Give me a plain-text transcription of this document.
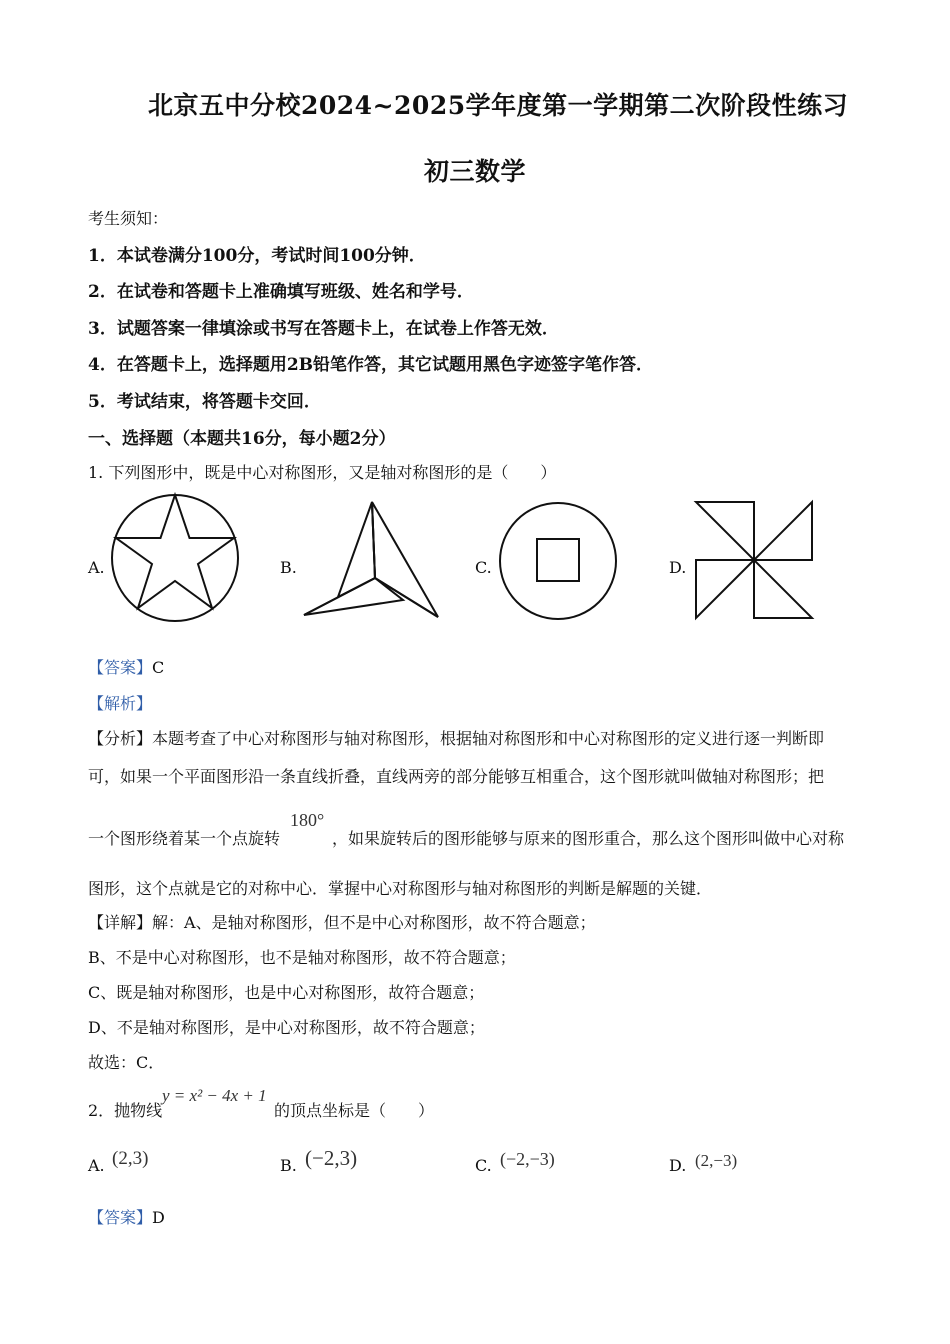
北京五中分校2024~2025学年度第一学期第二次阶段性练习
初三数学
考生须知：
1．本试卷满分100分，考试时间100分钟．
2．在试卷和答题卡上准确填写班级、姓名和学号．
3．试题答案一律填涂或书写在答题卡上，在试卷上作答无效．
4．在答题卡上，选择题用2B铅笔作答，其它试题用黑色字迹签字笔作答．
5．考试结束，将答题卡交回．
一、选择题（本题共16分，每小题2分）
1. 下列图形中，既是中心对称图形，又是轴对称图形的是（　　）
A.	B.	C.	D.
【答案】C
【解析】
【分析】本题考查了中心对称图形与轴对称图形，根据轴对称图形和中心对称图形的定义进行逐一判断即
可，如果一个平面图形沿一条直线折叠，直线两旁的部分能够互相重合，这个图形就叫做轴对称图形；把
一个图形绕着某一个点旋转
180°
，如果旋转后的图形能够与原来的图形重合，那么这个图形叫做中心对称
图形，这个点就是它的对称中心．掌握中心对称图形与轴对称图形的判断是解题的关键．
【详解】解：A、是轴对称图形，但不是中心对称图形，故不符合题意；
B、不是中心对称图形，也不是轴对称图形，故不符合题意；
C、既是轴对称图形，也是中心对称图形，故符合题意；
D、不是轴对称图形，是中心对称图形，故不符合题意；
故选：C．
2．抛物线
y = x² − 4x + 1
的顶点坐标是（　　）
A. (2,3)	B. (−2,3)	C. (−2,−3)	D. (2,−3)
【答案】D
